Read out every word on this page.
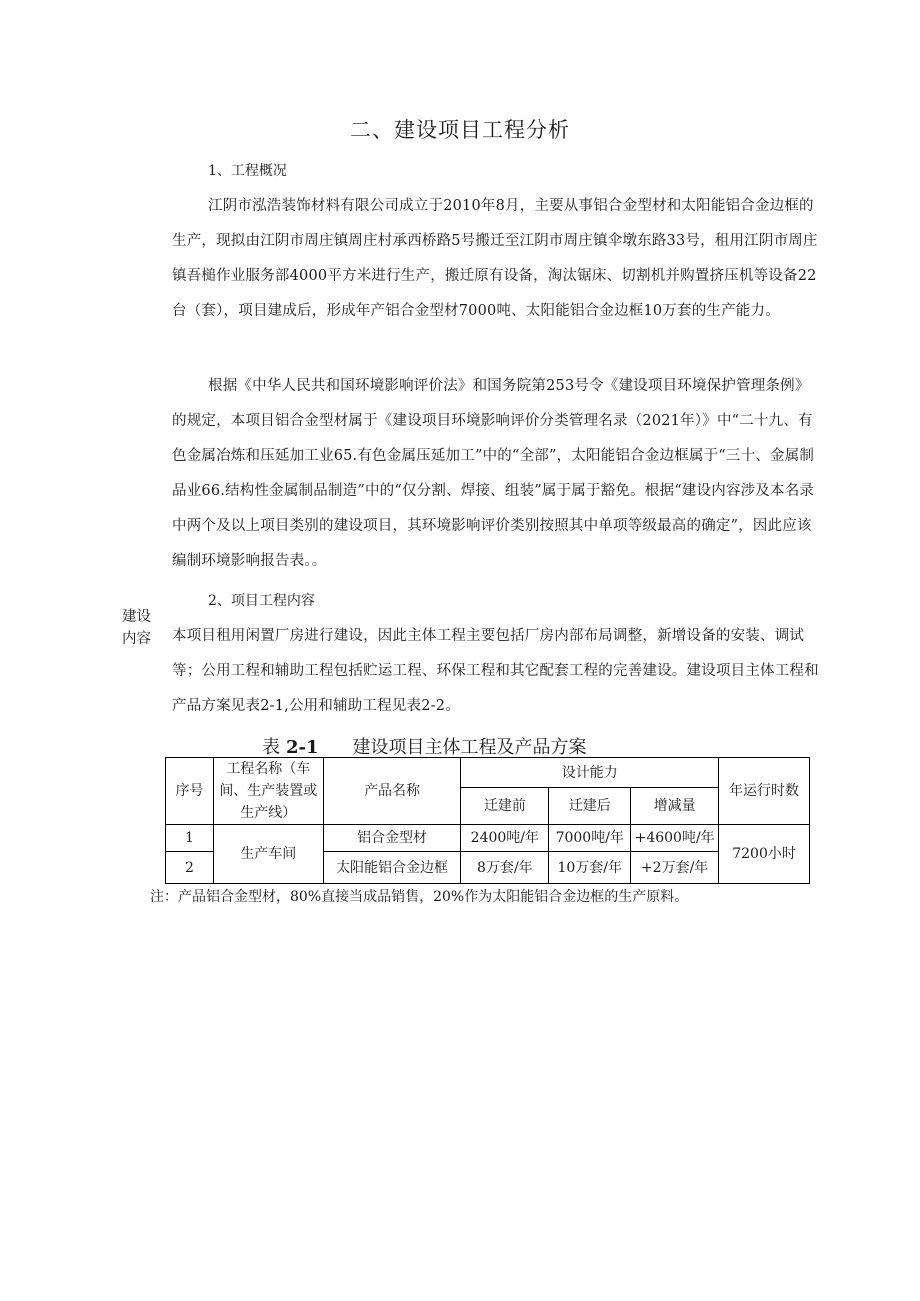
二、建设项目工程分析
1、工程概况
江阴市泓浩装饰材料有限公司成立于2010年8月，主要从事铝合金型材和太阳能铝合金边框的生产，现拟由江阴市周庄镇周庄村承西桥路5号搬迁至江阴市周庄镇伞墩东路33号，租用江阴市周庄镇吾槌作业服务部4000平方米进行生产，搬迁原有设备，淘汰锯床、切割机并购置挤压机等设备22台（套），项目建成后，形成年产铝合金型材7000吨、太阳能铝合金边框10万套的生产能力。
根据《中华人民共和国环境影响评价法》和国务院第253号令《建设项目环境保护管理条例》的规定，本项目铝合金型材属于《建设项目环境影响评价分类管理名录（2021年）》中“二十九、有色金属冶炼和压延加工业65.有色金属压延加工”中的“全部”，太阳能铝合金边框属于“三十、金属制品业66.结构性金属制品制造”中的“仅分割、焊接、组装”属于属于豁免。根据“建设内容涉及本名录中两个及以上项目类别的建设项目，其环境影响评价类别按照其中单项等级最高的确定”，因此应该编制环境影响报告表。。
2、项目工程内容
建设
内容	本项目租用闲置厂房进行建设，因此主体工程主要包括厂房内部布局调整，新增设备的安装、调试等；公用工程和辅助工程包括贮运工程、环保工程和其它配套工程的完善建设。建设项目主体工程和产品方案见表2-1,公用和辅助工程见表2-2。
表 2-1 建设项目主体工程及产品方案
序号	工程名称（车间、生产装置或生产线）	产品名称	设计能力			年运行时数
			迁建前	迁建后	增减量	
1	生产车间	铝合金型材	2400吨/年	7000吨/年	+4600吨/年	7200小时
2		太阳能铝合金边框	8万套/年	10万套/年	+2万套/年	
注：产品铝合金型材，80%直接当成品销售，20%作为太阳能铝合金边框的生产原料。
